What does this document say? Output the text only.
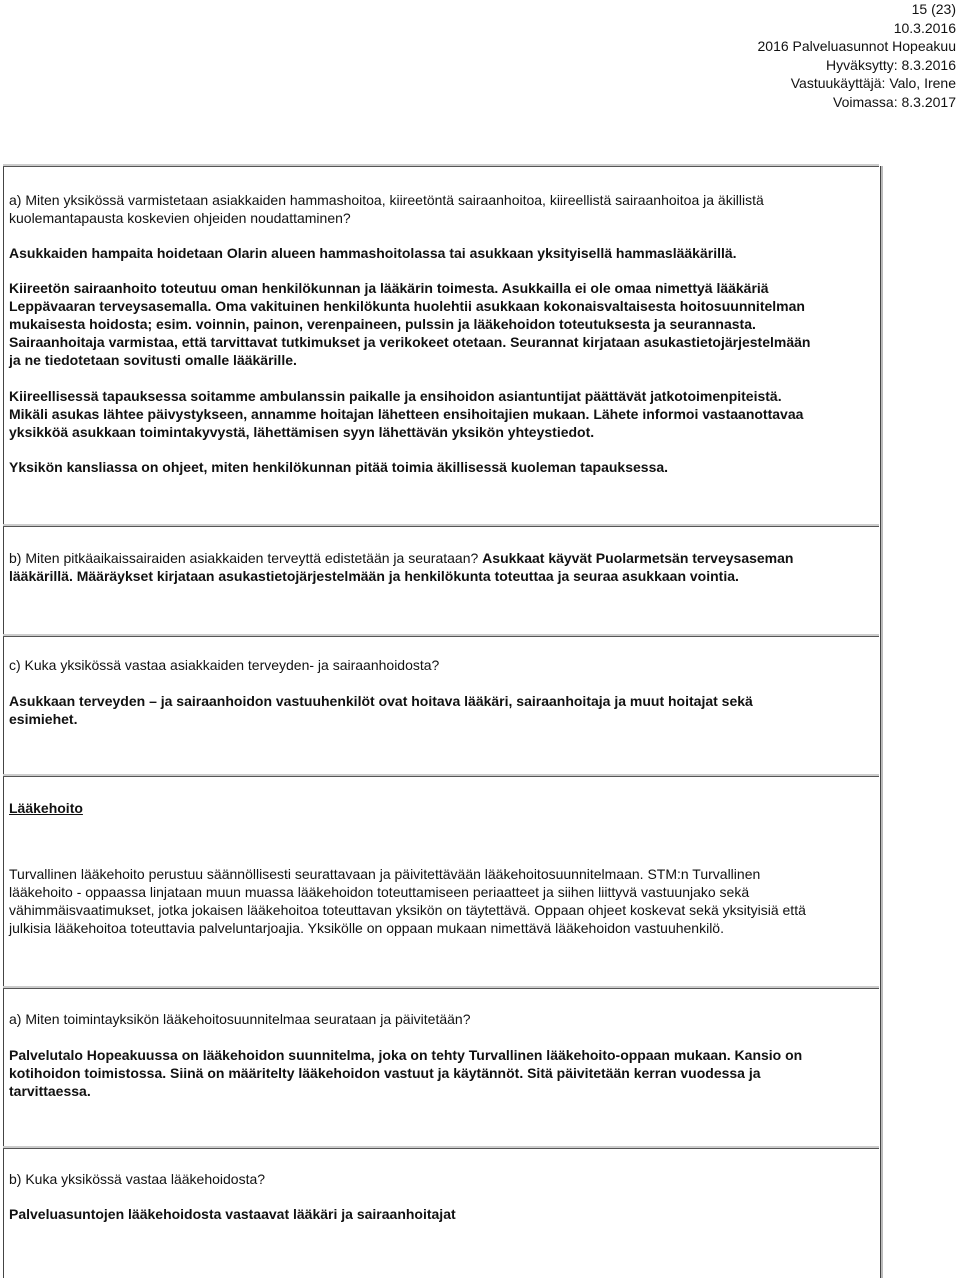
15 (23)
10.3.2016
2016 Palveluasunnot Hopeakuu
Hyväksytty: 8.3.2016
Vastuukäyttäjä: Valo, Irene
Voimassa: 8.3.2017

a) Miten yksikössä varmistetaan asiakkaiden hammashoitoa, kiireetöntä sairaanhoitoa, kiireellistä sairaanhoitoa ja äkillistä

kuolemantapausta koskevien ohjeiden noudattaminen?

Asukkaiden hampaita hoidetaan Olarin alueen hammashoitolassa tai asukkaan yksityisellä hammaslääkärillä.

Kiireetön sairaanhoito toteutuu oman henkilökunnan ja lääkärin toimesta. Asukkailla ei ole omaa nimettyä lääkäriä

Leppävaaran terveysasemalla. Oma vakituinen henkilökunta huolehtii asukkaan kokonaisvaltaisesta hoitosuunnitelman

mukaisesta hoidosta; esim. voinnin, painon, verenpaineen, pulssin ja lääkehoidon toteutuksesta ja seurannasta.

Sairaanhoitaja varmistaa, että tarvittavat tutkimukset ja verikokeet otetaan. Seurannat kirjataan asukastietojärjestelmään

ja ne tiedotetaan sovitusti omalle lääkärille.

Kiireellisessä tapauksessa soitamme ambulanssin paikalle ja ensihoidon asiantuntijat päättävät jatkotoimenpiteistä.

Mikäli asukas lähtee päivystykseen, annamme hoitajan lähetteen ensihoitajien mukaan. Lähete informoi vastaanottavaa

yksikköä asukkaan toimintakyvystä, lähettämisen syyn lähettävän yksikön yhteystiedot.

Yksikön kansliassa on ohjeet, miten henkilökunnan pitää toimia äkillisessä kuoleman tapauksessa.

b) Miten pitkäaikaissairaiden asiakkaiden terveyttä edistetään ja seurataan? Asukkaat käyvät Puolarmetsän terveysaseman

lääkärillä. Määräykset kirjataan asukastietojärjestelmään ja henkilökunta toteuttaa ja seuraa asukkaan vointia.

c) Kuka yksikössä vastaa asiakkaiden terveyden- ja sairaanhoidosta?

Asukkaan terveyden – ja sairaanhoidon vastuuhenkilöt ovat hoitava lääkäri, sairaanhoitaja ja muut hoitajat sekä

esimiehet.

Lääkehoito

Turvallinen lääkehoito perustuu säännöllisesti seurattavaan ja päivitettävään lääkehoitosuunnitelmaan. STM:n Turvallinen

lääkehoito - oppaassa linjataan muun muassa lääkehoidon toteuttamiseen periaatteet ja siihen liittyvä vastuunjako sekä

vähimmäisvaatimukset, jotka jokaisen lääkehoitoa toteuttavan yksikön on täytettävä. Oppaan ohjeet koskevat sekä yksityisiä että

julkisia lääkehoitoa toteuttavia palveluntarjoajia. Yksikölle on oppaan mukaan nimettävä lääkehoidon vastuuhenkilö.

a) Miten toimintayksikön lääkehoitosuunnitelmaa seurataan ja päivitetään?

Palvelutalo Hopeakuussa on lääkehoidon suunnitelma, joka on tehty Turvallinen lääkehoito-oppaan mukaan. Kansio on

kotihoidon toimistossa. Siinä on määritelty lääkehoidon vastuut ja käytännöt. Sitä päivitetään kerran vuodessa ja

tarvittaessa.

b) Kuka yksikössä vastaa lääkehoidosta?

Palveluasuntojen lääkehoidosta vastaavat lääkäri ja sairaanhoitajat
